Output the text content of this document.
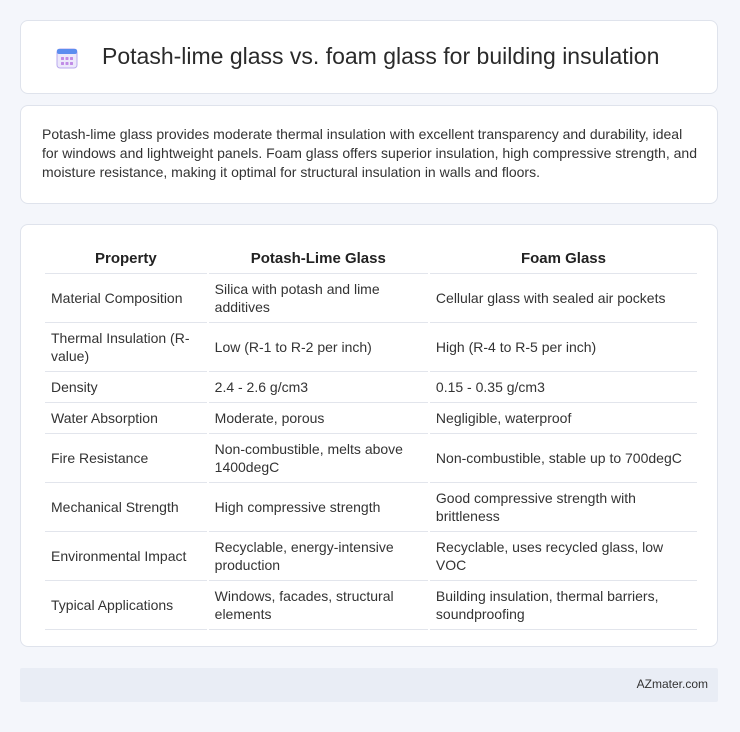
Potash-lime glass vs. foam glass for building insulation

Potash-lime glass provides moderate thermal insulation with excellent transparency and durability, ideal for windows and lightweight panels. Foam glass offers superior insulation, high compressive strength, and moisture resistance, making it optimal for structural insulation in walls and floors.

Property	Potash-Lime Glass	Foam Glass
Material Composition	Silica with potash and lime additives	Cellular glass with sealed air pockets
Thermal Insulation (R-value)	Low (R-1 to R-2 per inch)	High (R-4 to R-5 per inch)
Density	2.4 - 2.6 g/cm3	0.15 - 0.35 g/cm3
Water Absorption	Moderate, porous	Negligible, waterproof
Fire Resistance	Non-combustible, melts above 1400degC	Non-combustible, stable up to 700degC
Mechanical Strength	High compressive strength	Good compressive strength with brittleness
Environmental Impact	Recyclable, energy-intensive production	Recyclable, uses recycled glass, low VOC
Typical Applications	Windows, facades, structural elements	Building insulation, thermal barriers, soundproofing
AZmater.com
